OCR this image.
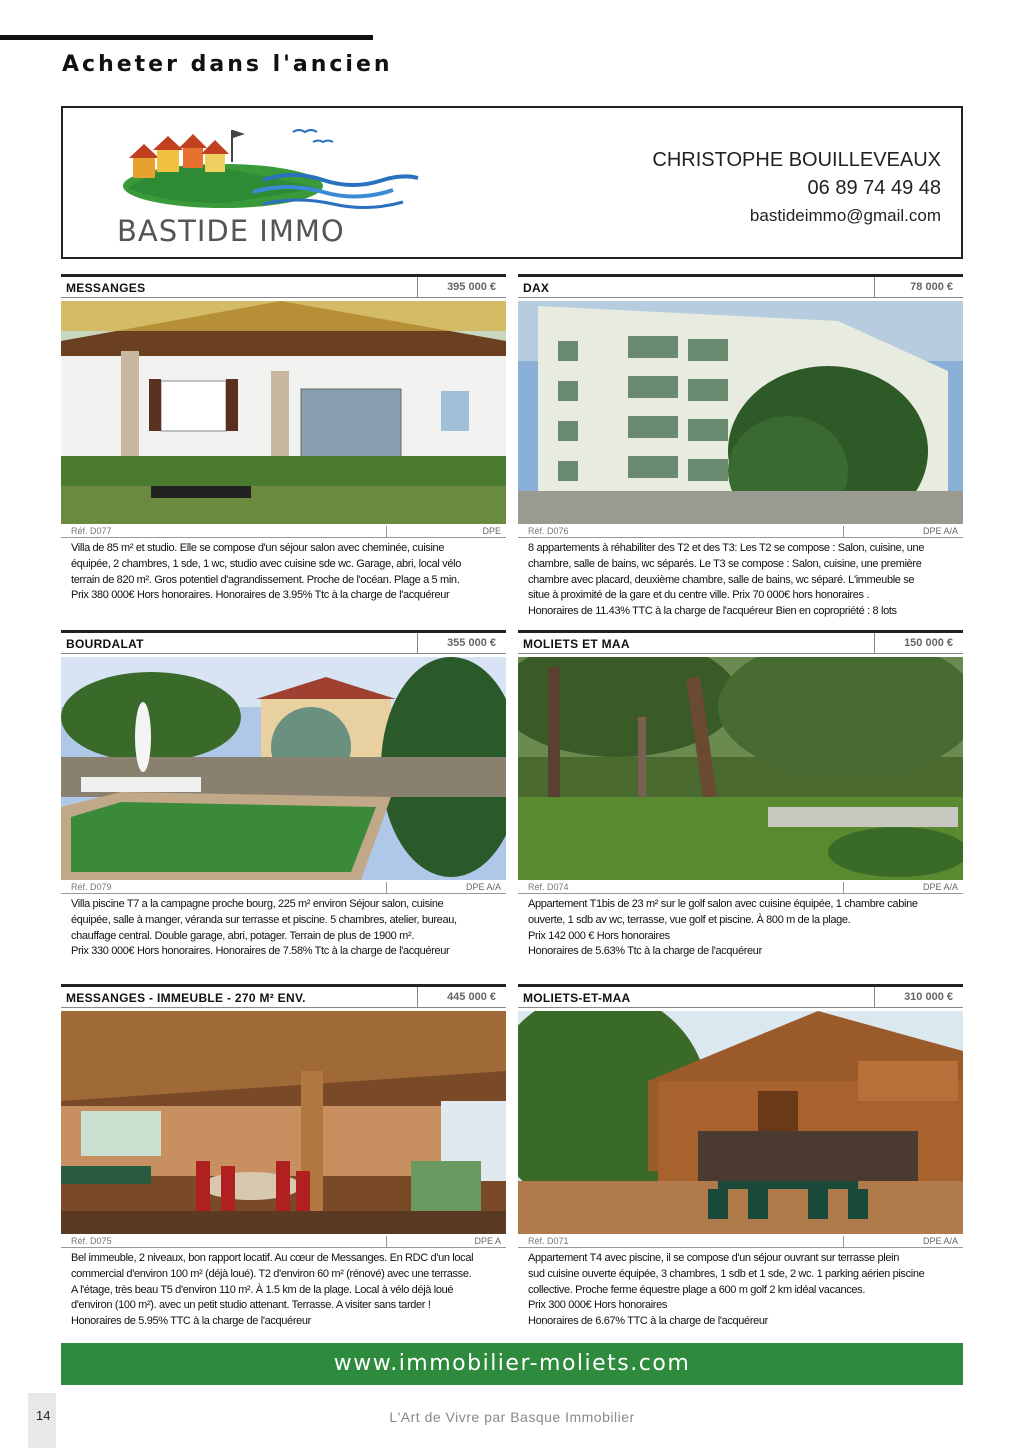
Acheter dans l'ancien
BASTIDE IMMO
CHRISTOPHE BOUILLEVEAUX
06 89 74 49 48
bastideimmo@gmail.com
MESSANGES	395 000 €
Réf. D077	DPE
Villa de 85 m² et studio. Elle se compose d'un séjour salon avec cheminée, cuisine
équipée, 2 chambres, 1 sde, 1 wc, studio avec cuisine sde wc. Garage, abri, local vélo
terrain de 820 m². Gros potentiel d'agrandissement. Proche de l'océan. Plage a 5 min.
Prix 380 000€ Hors honoraires. Honoraires de 3.95% Ttc à la charge de l'acquéreur
DAX	78 000 €
Réf. D076	DPE A/A
8 appartements à réhabiliter des T2 et des T3: Les T2 se compose : Salon, cuisine, une
chambre, salle de bains, wc séparés. Le T3 se compose : Salon, cuisine, une première
chambre avec placard, deuxième chambre, salle de bains, wc séparé. L'immeuble se
situe à proximité de la gare et du centre ville. Prix 70 000€ hors honoraires .
Honoraires de 11.43% TTC à la charge de l'acquéreur Bien en copropriété : 8 lots
BOURDALAT	355 000 €
Réf. D079	DPE A/A
Villa piscine T7 a la campagne proche bourg, 225 m² environ Séjour salon, cuisine
équipée, salle à manger, véranda sur terrasse et piscine. 5 chambres, atelier, bureau,
chauffage central. Double garage, abri, potager. Terrain de plus de 1900 m².
Prix 330 000€ Hors honoraires. Honoraires de 7.58% Ttc à la charge de l'acquéreur
MOLIETS ET MAA	150 000 €
Réf. D074	DPE A/A
Appartement T1bis de 23 m² sur le golf salon avec cuisine équipée, 1 chambre cabine
ouverte, 1 sdb av wc, terrasse, vue golf et piscine. À 800 m de la plage.
Prix 142 000 € Hors honoraires
Honoraires de 5.63% Ttc à la charge de l'acquéreur
MESSANGES - IMMEUBLE - 270 M² ENV.	445 000 €
Réf. D075	DPE A
Bel immeuble, 2 niveaux, bon rapport locatif. Au cœur de Messanges. En RDC d'un local
commercial d'environ 100 m² (déjà loué). T2 d'environ 60 m² (rénové) avec une terrasse.
A l'étage, très beau T5 d'environ 110 m². À 1.5 km de la plage. Local à vélo déjà loué
d'environ (100 m²). avec un petit studio attenant. Terrasse. A visiter sans tarder !
Honoraires de 5.95% TTC à la charge de l'acquéreur
MOLIETS-ET-MAA	310 000 €
Réf. D071	DPE A/A
Appartement T4 avec piscine, il se compose d'un séjour ouvrant sur terrasse plein
sud cuisine ouverte équipée, 3 chambres, 1 sdb et 1 sde, 2 wc. 1 parking aérien piscine
collective. Proche ferme équestre plage a 600 m golf 2 km idéal vacances.
Prix 300 000€ Hors honoraires
Honoraires de 6.67% TTC à la charge de l'acquéreur
www.immobilier-moliets.com
14	L'Art de Vivre par Basque Immobilier
